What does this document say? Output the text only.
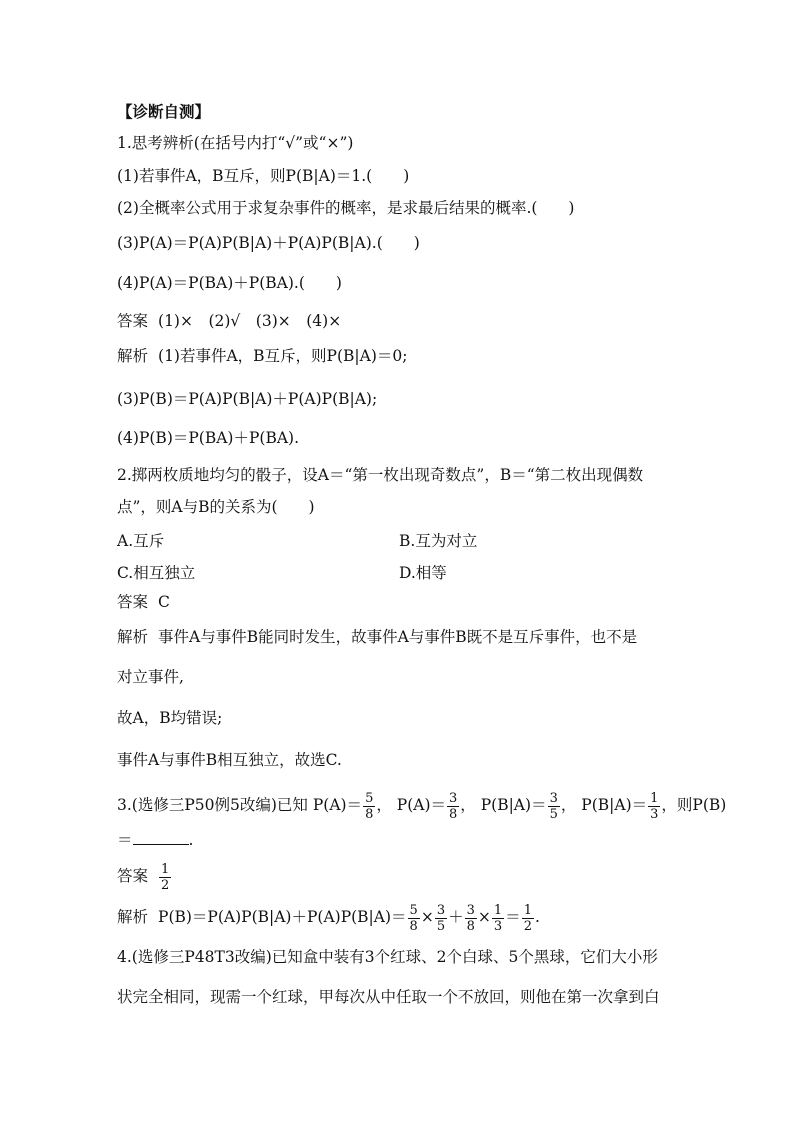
【诊断自测】
1.思考辨析(在括号内打“√”或“×”)
(1)若事件A，B互斥，则P(B|A)＝1.(　　)
(2)全概率公式用于求复杂事件的概率，是求最后结果的概率.(　　)
(3)P(A)＝P(A)P(B|A)＋P(A)P(B|A).(　　)
(4)P(A)＝P(BA)＋P(BA).(　　)
答案 (1)×　(2)√　(3)×　(4)×
解析 (1)若事件A，B互斥，则P(B|A)＝0;
(3)P(B)＝P(A)P(B|A)＋P(A)P(B|A);
(4)P(B)＝P(BA)＋P(BA).
2.掷两枚质地均匀的骰子，设A＝“第一枚出现奇数点”，B＝“第二枚出现偶数
点”，则A与B的关系为(　　)
A.互斥	B.互为对立
C.相互独立	D.相等
答案 C
解析 事件A与事件B能同时发生，故事件A与事件B既不是互斥事件，也不是
对立事件,
故A，B均错误;
事件A与事件B相互独立，故选C.
3.(选修三P50例5改编)已知 $P(A)= \frac{5}{8}$ ， $P(A)= \frac{3}{8}$ ， $P(B|A)= \frac{3}{5}$ ， $P(B|A)= \frac{1}{3}$ ，则P(B)
＝	.
答案 $\frac{1}{2}$
解析 $P(B)=P(A)P(B|A)+P(A)P(B|A)= \frac{5}{8} \times \frac{3}{5} + \frac{3}{8} \times \frac{1}{3} = \frac{1}{2}$ .
4.(选修三P48T3改编)已知盒中装有3个红球、2个白球、5个黑球，它们大小形
状完全相同，现需一个红球，甲每次从中任取一个不放回，则他在第一次拿到白
